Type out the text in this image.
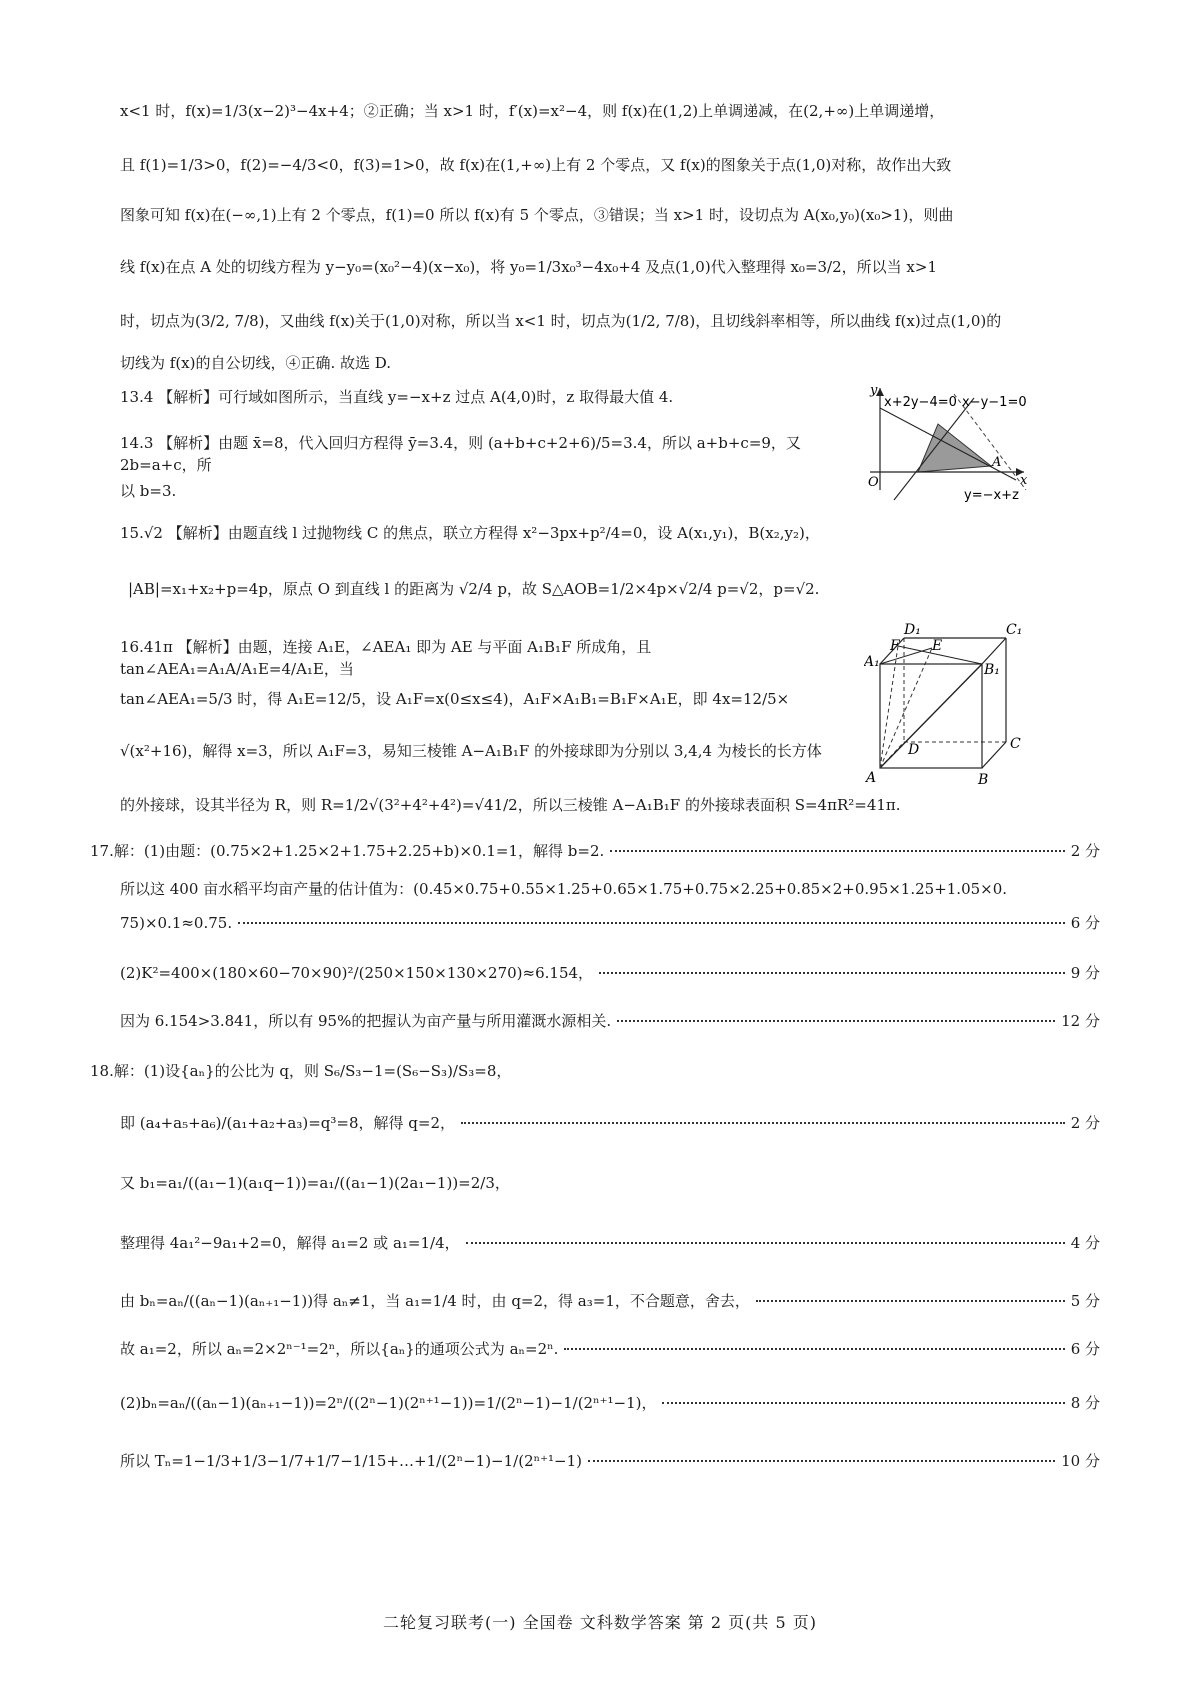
x<1 时，f(x)=1/3(x−2)³−4x+4；②正确；当 x>1 时，f′(x)=x²−4，则 f(x)在(1,2)上单调递减，在(2,+∞)上单调递增，
且 f(1)=1/3>0，f(2)=−4/3<0，f(3)=1>0，故 f(x)在(1,+∞)上有 2 个零点，又 f(x)的图象关于点(1,0)对称，故作出大致
图象可知 f(x)在(−∞,1)上有 2 个零点，f(1)=0 所以 f(x)有 5 个零点，③错误；当 x>1 时，设切点为 A(x₀,y₀)(x₀>1)，则曲
线 f(x)在点 A 处的切线方程为 y−y₀=(x₀²−4)(x−x₀)，将 y₀=1/3x₀³−4x₀+4 及点(1,0)代入整理得 x₀=3/2，所以当 x>1
时，切点为(3/2, 7/8)，又曲线 f(x)关于(1,0)对称，所以当 x<1 时，切点为(1/2, 7/8)，且切线斜率相等，所以曲线 f(x)过点(1,0)的
切线为 f(x)的自公切线，④正确. 故选 D.
13.4 【解析】可行域如图所示，当直线 y=−x+z 过点 A(4,0)时，z 取得最大值 4.
14.3 【解析】由题 x̄=8，代入回归方程得 ȳ=3.4，则 (a+b+c+2+6)/5=3.4，所以 a+b+c=9，又 2b=a+c，所
以 b=3.
x+2y−4=0 x−y−1=0
y=−x+z
y
x
O
A
15.√2 【解析】由题直线 l 过抛物线 C 的焦点，联立方程得 x²−3px+p²/4=0，设 A(x₁,y₁)，B(x₂,y₂)，
|AB|=x₁+x₂+p=4p，原点 O 到直线 l 的距离为 √2/4 p，故 S△AOB=1/2×4p×√2/4 p=√2，p=√2.
16.41π 【解析】由题，连接 A₁E，∠AEA₁ 即为 AE 与平面 A₁B₁F 所成角，且 tan∠AEA₁=A₁A/A₁E=4/A₁E，当
tan∠AEA₁=5/3 时，得 A₁E=12/5，设 A₁F=x(0≤x≤4)，A₁F×A₁B₁=B₁F×A₁E，即 4x=12/5×
√(x²+16)，解得 x=3，所以 A₁F=3，易知三棱锥 A−A₁B₁F 的外接球即为分别以 3,4,4 为棱长的长方体
的外接球，设其半径为 R，则 R=1/2√(3²+4²+4²)=√41/2，所以三棱锥 A−A₁B₁F 的外接球表面积 S=4πR²=41π.
D₁	C₁
F E
A₁	B₁
D	C
A	B
17.解：(1)由题：(0.75×2+1.25×2+1.75+2.25+b)×0.1=1，解得 b=2.	2 分
所以这 400 亩水稻平均亩产量的估计值为：(0.45×0.75+0.55×1.25+0.65×1.75+0.75×2.25+0.85×2+0.95×1.25+1.05×0.
75)×0.1≈0.75.	6 分
(2)K²=400×(180×60−70×90)²/(250×150×130×270)≈6.154，	9 分
因为 6.154>3.841，所以有 95%的把握认为亩产量与所用灌溉水源相关.	12 分
18.解：(1)设{aₙ}的公比为 q，则 S₆/S₃−1=(S₆−S₃)/S₃=8，
即 (a₄+a₅+a₆)/(a₁+a₂+a₃)=q³=8，解得 q=2，	2 分
又 b₁=a₁/((a₁−1)(a₁q−1))=a₁/((a₁−1)(2a₁−1))=2/3，
整理得 4a₁²−9a₁+2=0，解得 a₁=2 或 a₁=1/4，	4 分
由 bₙ=aₙ/((aₙ−1)(aₙ₊₁−1))得 aₙ≠1，当 a₁=1/4 时，由 q=2，得 a₃=1，不合题意，舍去，	5 分
故 a₁=2，所以 aₙ=2×2ⁿ⁻¹=2ⁿ，所以{aₙ}的通项公式为 aₙ=2ⁿ.	6 分
(2)bₙ=aₙ/((aₙ−1)(aₙ₊₁−1))=2ⁿ/((2ⁿ−1)(2ⁿ⁺¹−1))=1/(2ⁿ−1)−1/(2ⁿ⁺¹−1)，	8 分
所以 Tₙ=1−1/3+1/3−1/7+1/7−1/15+…+1/(2ⁿ−1)−1/(2ⁿ⁺¹−1)	10 分
二轮复习联考(一) 全国卷 文科数学答案 第 2 页(共 5 页)
